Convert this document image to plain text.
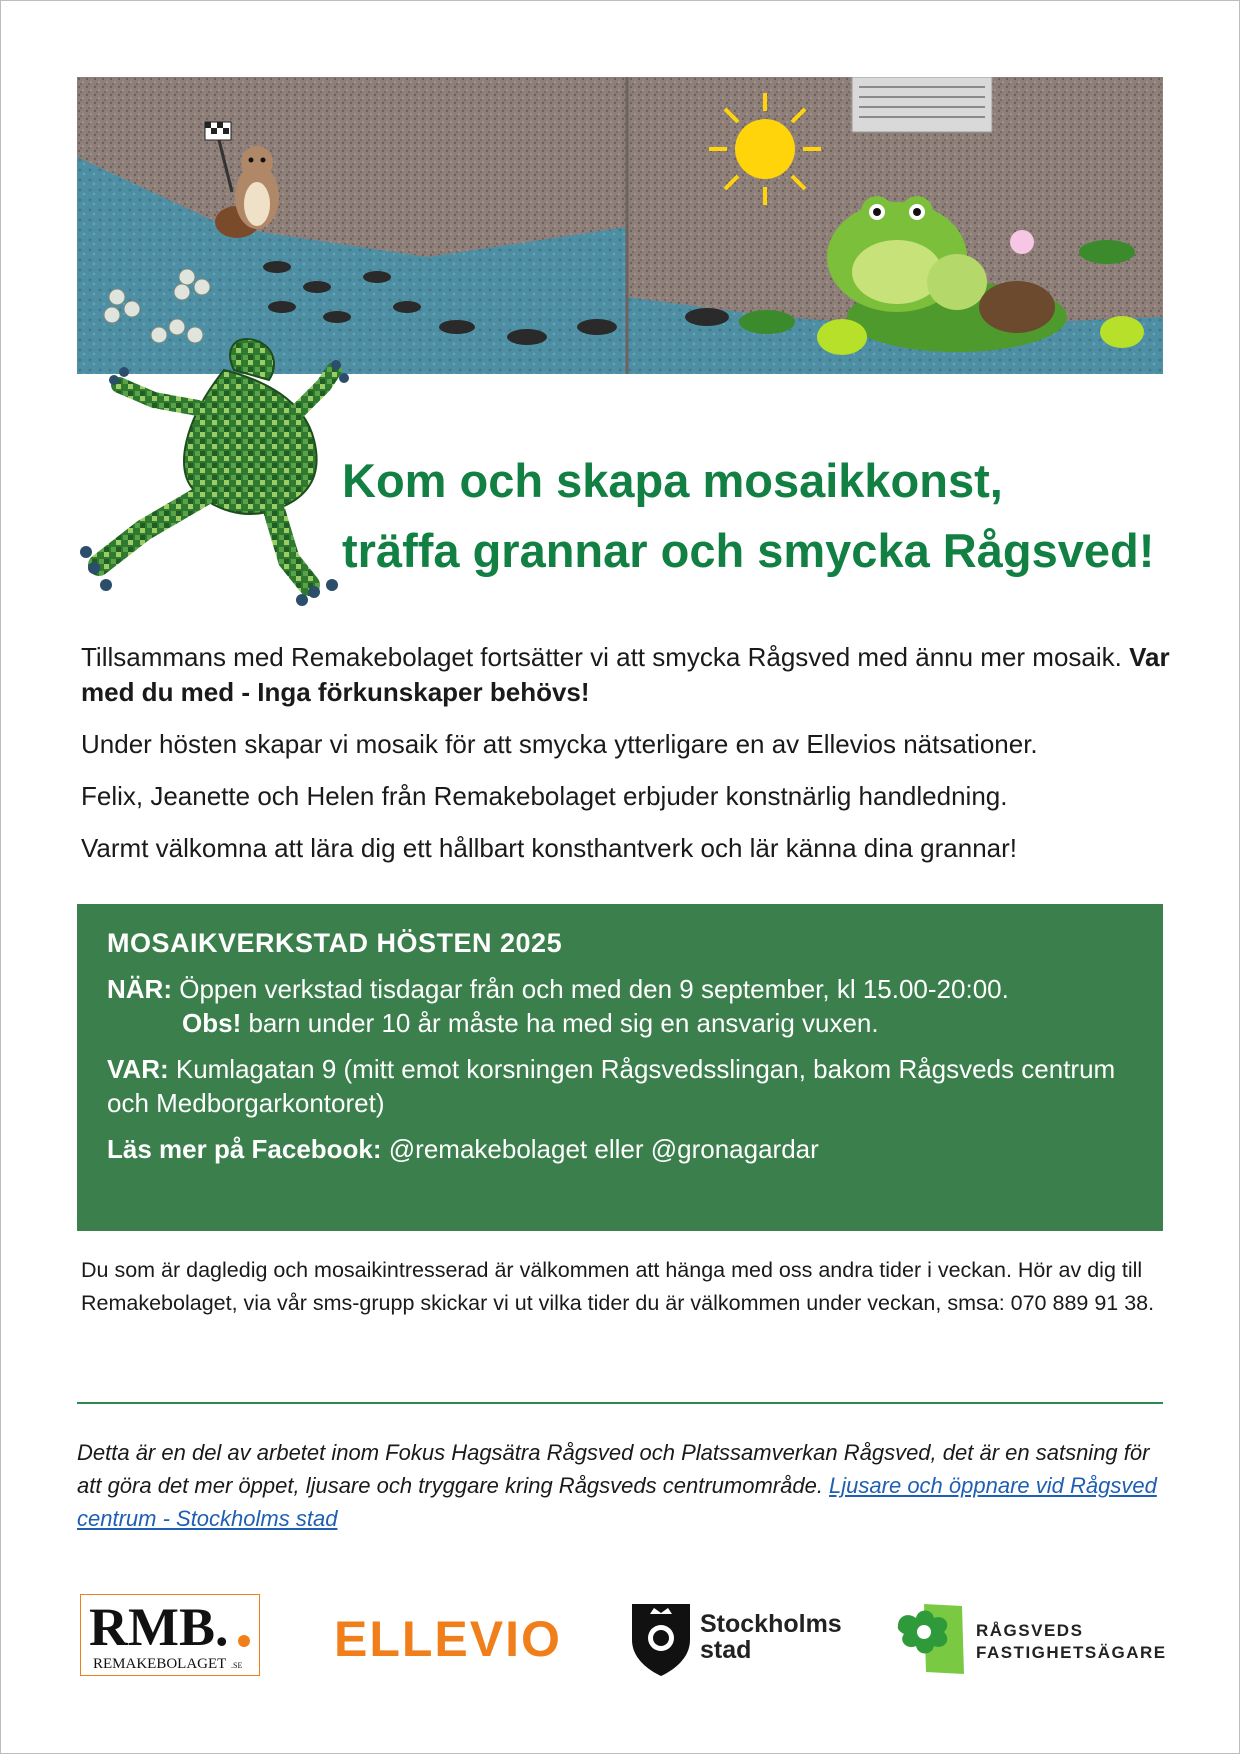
Kom och skapa mosaikkonst,
träffa grannar och smycka Rågsved!

Tillsammans med Remakebolaget fortsätter vi att smycka Rågsved med ännu mer mosaik. Var med du med - Inga förkunskaper behövs!

Under hösten skapar vi mosaik för att smycka ytterligare en av Ellevios nätsationer.

Felix, Jeanette och Helen från Remakebolaget erbjuder konstnärlig handledning.

Varmt välkomna att lära dig ett hållbart konsthantverk och lär känna dina grannar!

MOSAIKVERKSTAD HÖSTEN 2025

NÄR: Öppen verkstad tisdagar från och med den 9 september, kl 15.00-20:00.
Obs! barn under 10 år måste ha med sig en ansvarig vuxen.

VAR: Kumlagatan 9 (mitt emot korsningen Rågsvedsslingan, bakom Rågsveds centrum och Medborgarkontoret)

Läs mer på Facebook: @remakebolaget eller @gronagardar

Du som är dagledig och mosaikintresserad är välkommen att hänga med oss andra tider i veckan. Hör av dig till Remakebolaget, via vår sms-grupp skickar vi ut vilka tider du är välkommen under veckan, smsa: 070 889 91 38.

Detta är en del av arbetet inom Fokus Hagsätra Rågsved och Platssamverkan Rågsved, det är en satsning för att göra det mer öppet, ljusare och tryggare kring Rågsveds centrumområde. Ljusare och öppnare vid Rågsved centrum - Stockholms stad

RMB.
REMAKEBOLAGET .SE ELLEVIO	Stockholms
stad
RÅGSVEDS
FASTIGHETSÄGARE
